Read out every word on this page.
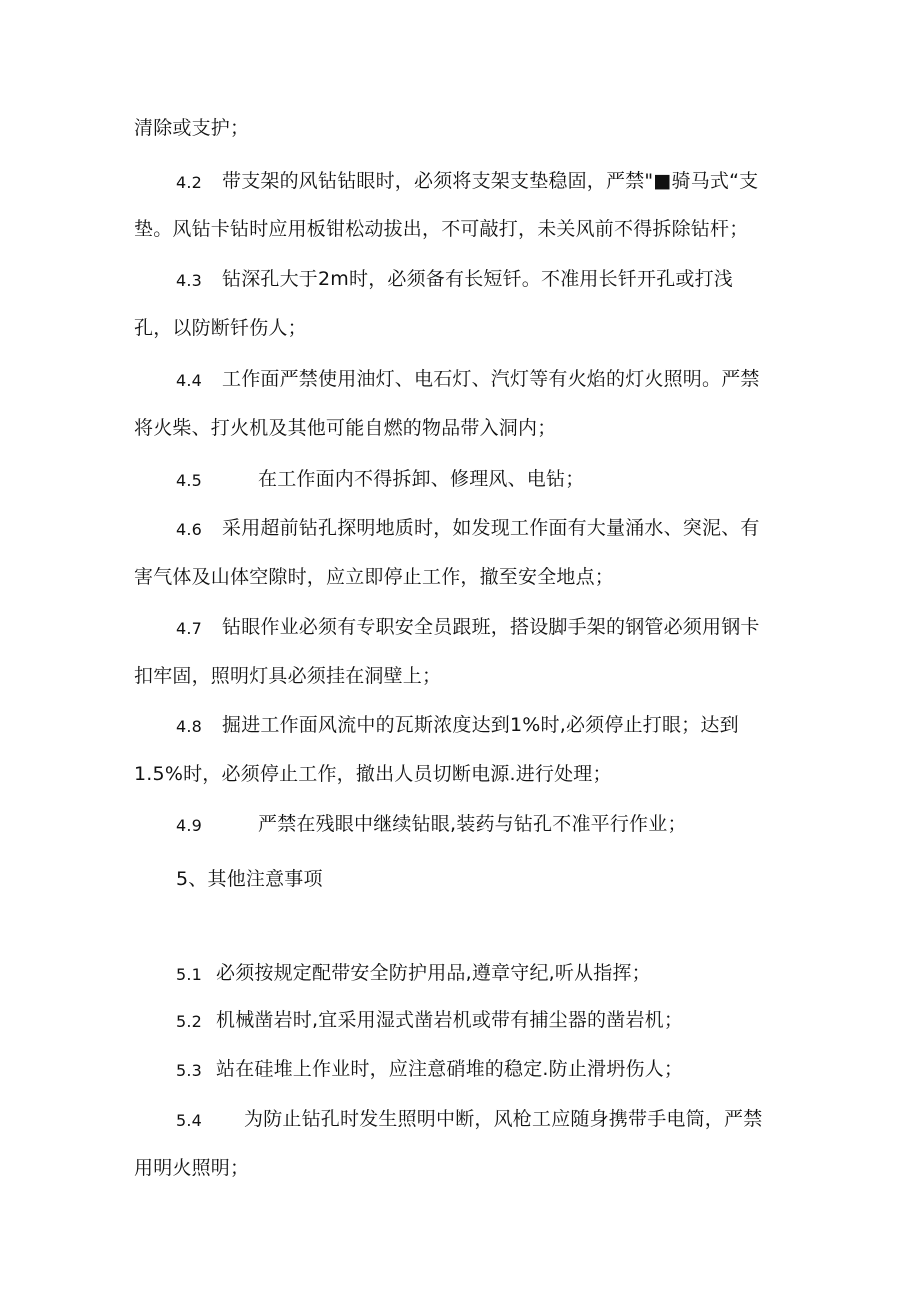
清除或支护；
4.2 带支架的风钻钻眼时，必须将支架支垫稳固，严禁"■骑马式“支
垫。风钻卡钻时应用板钳松动拔出，不可敲打，未关风前不得拆除钻杆；
4.3 钻深孔大于2m时，必须备有长短钎。不准用长钎开孔或打浅
孔，以防断钎伤人；
4.4 工作面严禁使用油灯、电石灯、汽灯等有火焰的灯火照明。严禁
将火柴、打火机及其他可能自燃的物品带入洞内；
4.5	在工作面内不得拆卸、修理风、电钻；
4.6 采用超前钻孔探明地质时，如发现工作面有大量涌水、突泥、有
害气体及山体空隙时，应立即停止工作，撤至安全地点；
4.7 钻眼作业必须有专职安全员跟班，搭设脚手架的钢管必须用钢卡
扣牢固，照明灯具必须挂在洞壁上；
4.8 掘进工作面风流中的瓦斯浓度达到1%时,必须停止打眼；达到
1.5%时，必须停止工作，撤出人员切断电源.进行处理；
4.9	严禁在残眼中继续钻眼,装药与钻孔不准平行作业；
5、其他注意事项
5.1 必须按规定配带安全防护用品,遵章守纪,听从指挥；
5.2 机械凿岩时,宜采用湿式凿岩机或带有捕尘器的凿岩机；
5.3 站在硅堆上作业时，应注意硝堆的稳定.防止滑坍伤人；
5.4 为防止钻孔时发生照明中断，风枪工应随身携带手电筒，严禁
用明火照明；
